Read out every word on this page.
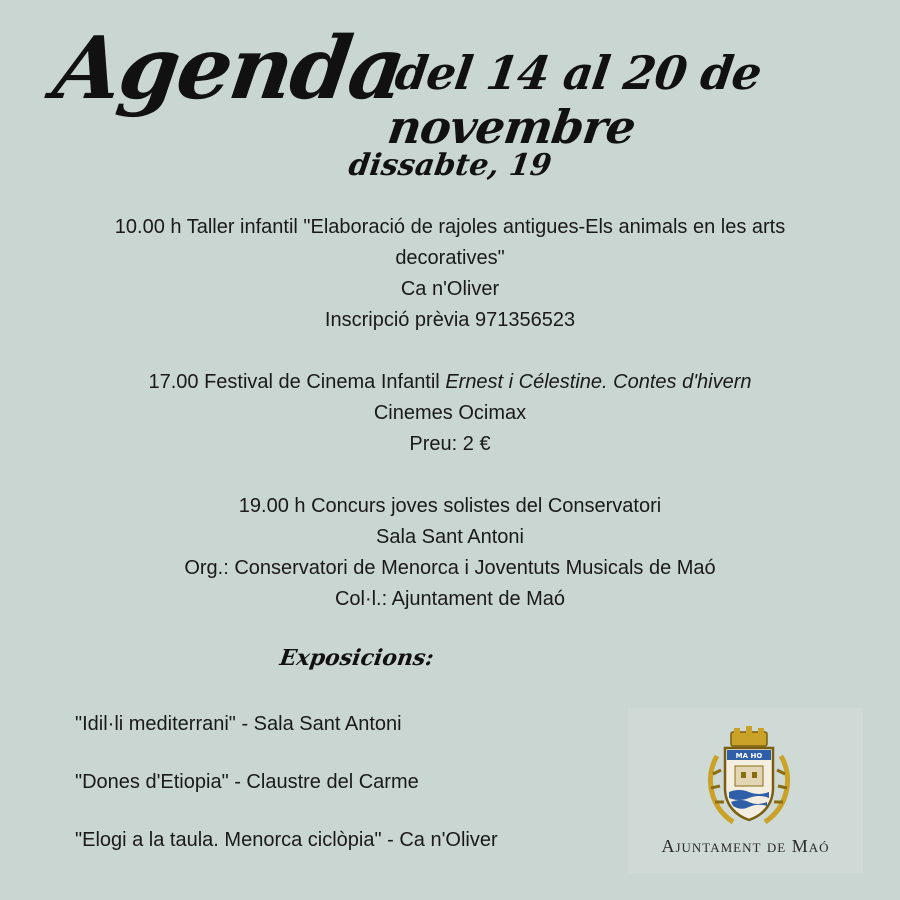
Agenda
del 14 al 20 de novembre
dissabte, 19
10.00 h Taller infantil "Elaboració de rajoles antigues-Els animals en les arts
decoratives"
Ca n'Oliver
Inscripció prèvia 971356523
17.00 Festival de Cinema Infantil Ernest i Célestine. Contes d'hivern
Cinemes Ocimax
Preu: 2 €
19.00 h Concurs joves solistes del Conservatori
Sala Sant Antoni
Org.: Conservatori de Menorca i Joventuts Musicals de Maó
Col·l.: Ajuntament de Maó
Exposicions:
"Idil·li mediterrani" - Sala Sant Antoni
"Dones d'Etiopia" - Claustre del Carme
"Elogi a la taula. Menorca ciclòpia" - Ca n'Oliver
MA HO
Ajuntament de Maó
